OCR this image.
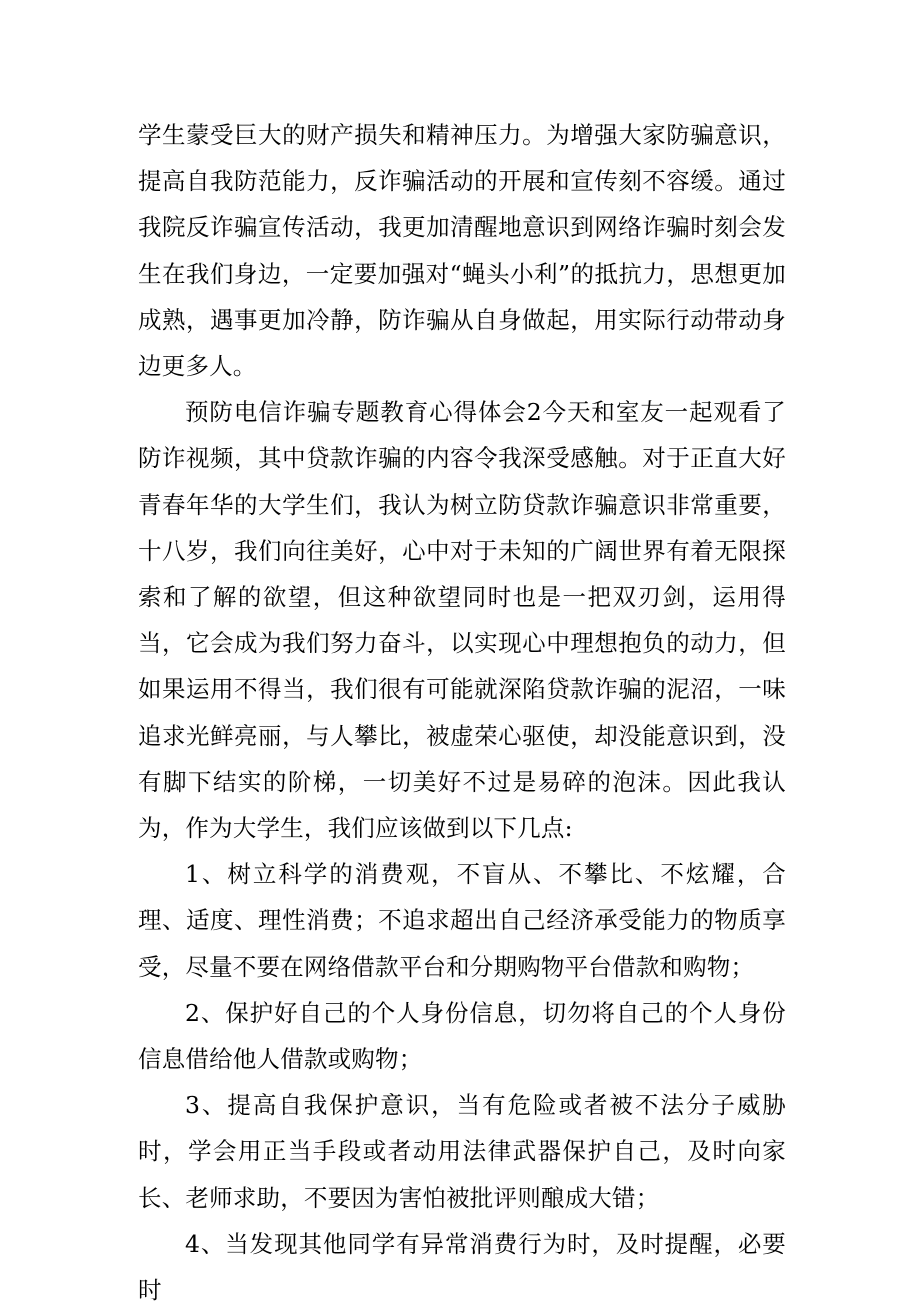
学生蒙受巨大的财产损失和精神压力。为增强大家防骗意识，提高自我防范能力，反诈骗活动的开展和宣传刻不容缓。通过我院反诈骗宣传活动，我更加清醒地意识到网络诈骗时刻会发生在我们身边，一定要加强对“蝇头小利”的抵抗力，思想更加成熟，遇事更加冷静，防诈骗从自身做起，用实际行动带动身边更多人。

预防电信诈骗专题教育心得体会2今天和室友一起观看了防诈视频，其中贷款诈骗的内容令我深受感触。对于正直大好青春年华的大学生们，我认为树立防贷款诈骗意识非常重要，十八岁，我们向往美好，心中对于未知的广阔世界有着无限探索和了解的欲望，但这种欲望同时也是一把双刃剑，运用得当，它会成为我们努力奋斗，以实现心中理想抱负的动力，但如果运用不得当，我们很有可能就深陷贷款诈骗的泥沼，一味追求光鲜亮丽，与人攀比，被虚荣心驱使，却没能意识到，没有脚下结实的阶梯，一切美好不过是易碎的泡沫。因此我认为，作为大学生，我们应该做到以下几点:

1、树立科学的消费观，不盲从、不攀比、不炫耀，合理、适度、理性消费；不追求超出自己经济承受能力的物质享受，尽量不要在网络借款平台和分期购物平台借款和购物；

2、保护好自己的个人身份信息，切勿将自己的个人身份信息借给他人借款或购物；

3、提高自我保护意识，当有危险或者被不法分子威胁时，学会用正当手段或者动用法律武器保护自己，及时向家长、老师求助，不要因为害怕被批评则酿成大错；

4、当发现其他同学有异常消费行为时，及时提醒，必要时
